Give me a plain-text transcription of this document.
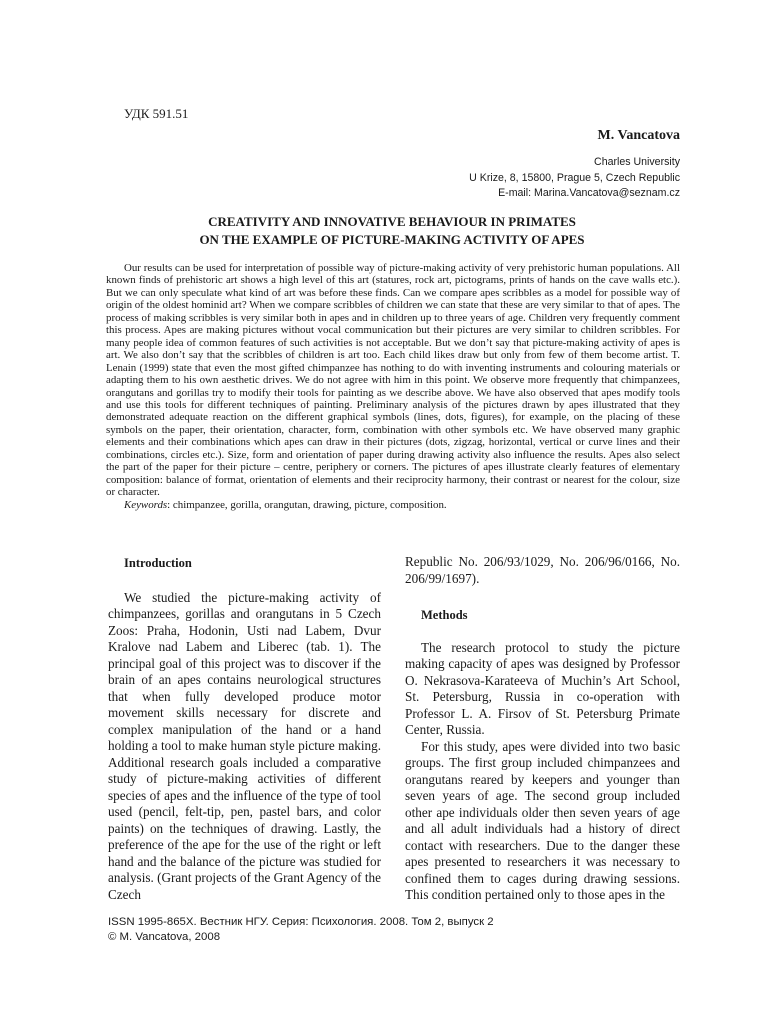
УДК 591.51
M. Vancatova
Charles University
U Krize, 8, 15800, Prague 5, Czech Republic
E-mail: Marina.Vancatova@seznam.cz
CREATIVITY AND INNOVATIVE BEHAVIOUR IN PRIMATES
ON THE EXAMPLE OF PICTURE-MAKING ACTIVITY OF APES

Our results can be used for interpretation of possible way of picture-making activity of very prehistoric human populations. All known finds of prehistoric art shows a high level of this art (statures, rock art, pictograms, prints of hands on the cave walls etc.). But we can only speculate what kind of art was before these finds. Can we compare apes scribbles as a model for possible way of origin of the oldest hominid art? When we compare scribbles of children we can state that these are very similar to that of apes. The process of making scribbles is very similar both in apes and in children up to three years of age. Children very frequently comment this process. Apes are making pictures without vocal communication but their pictures are very similar to children scribbles. For many people idea of common features of such activities is not acceptable. But we don’t say that picture-making activity of apes is art. We also don’t say that the scribbles of children is art too. Each child likes draw but only from few of them become artist. T. Lenain (1999) state that even the most gifted chimpanzee has nothing to do with inventing instruments and colouring materials or adapting them to his own aesthetic drives. We do not agree with him in this point. We observe more frequently that chimpanzees, orangutans and gorillas try to modify their tools for painting as we describe above. We have also observed that apes modify tools and use this tools for different techniques of painting. Preliminary analysis of the pictures drawn by apes illustrated that they demonstrated adequate reaction on the different graphical symbols (lines, dots, figures), for example, on the placing of these symbols on the paper, their orientation, character, form, combination with other symbols etc. We have observed many graphic elements and their combinations which apes can draw in their pictures (dots, zigzag, horizontal, vertical or curve lines and their combinations, circles etc.). Size, form and orientation of paper during drawing activity also influence the results. Apes also select the part of the paper for their picture – centre, periphery or corners. The pictures of apes illustrate clearly features of elementary composition: balance of format, orientation of elements and their reciprocity harmony, their contrast or nearest for the colour, size or character.

Keywords: chimpanzee, gorilla, orangutan, drawing, picture, composition.

Introduction

We studied the picture-making activity of chimpanzees, gorillas and orangutans in 5 Czech Zoos: Praha, Hodonin, Usti nad Labem, Dvur Kralove nad Labem and Liberec (tab. 1). The principal goal of this project was to discover if the brain of an apes contains neurological structures that when fully developed produce motor movement skills necessary for discrete and complex manipulation of the hand or a hand holding a tool to make human style picture making. Additional research goals included a comparative study of picture-making activities of different species of apes and the influence of the type of tool used (pencil, felt-tip, pen, pastel bars, and color paints) on the techniques of drawing. Lastly, the preference of the ape for the use of the right or left hand and the balance of the picture was studied for analysis. (Grant projects of the Grant Agency of the Czech

Republic No. 206/93/1029, No. 206/96/0166, No. 206/99/1697).

Methods

The research protocol to study the picture making capacity of apes was designed by Professor O. Nekrasova-Karateeva of Muchin’s Art School, St. Petersburg, Russia in co-operation with Professor L. A. Firsov of St. Petersburg Primate Center, Russia.

For this study, apes were divided into two basic groups. The first group included chimpanzees and orangutans reared by keepers and younger than seven years of age. The second group included other ape individuals older then seven years of age and all adult individuals had a history of direct contact with researchers. Due to the danger these apes presented to researchers it was necessary to confined them to cages during drawing sessions. This condition pertained only to those apes in the

ISSN 1995-865X. Вестник НГУ. Серия: Психология. 2008. Том 2, выпуск 2
© M. Vancatova, 2008
